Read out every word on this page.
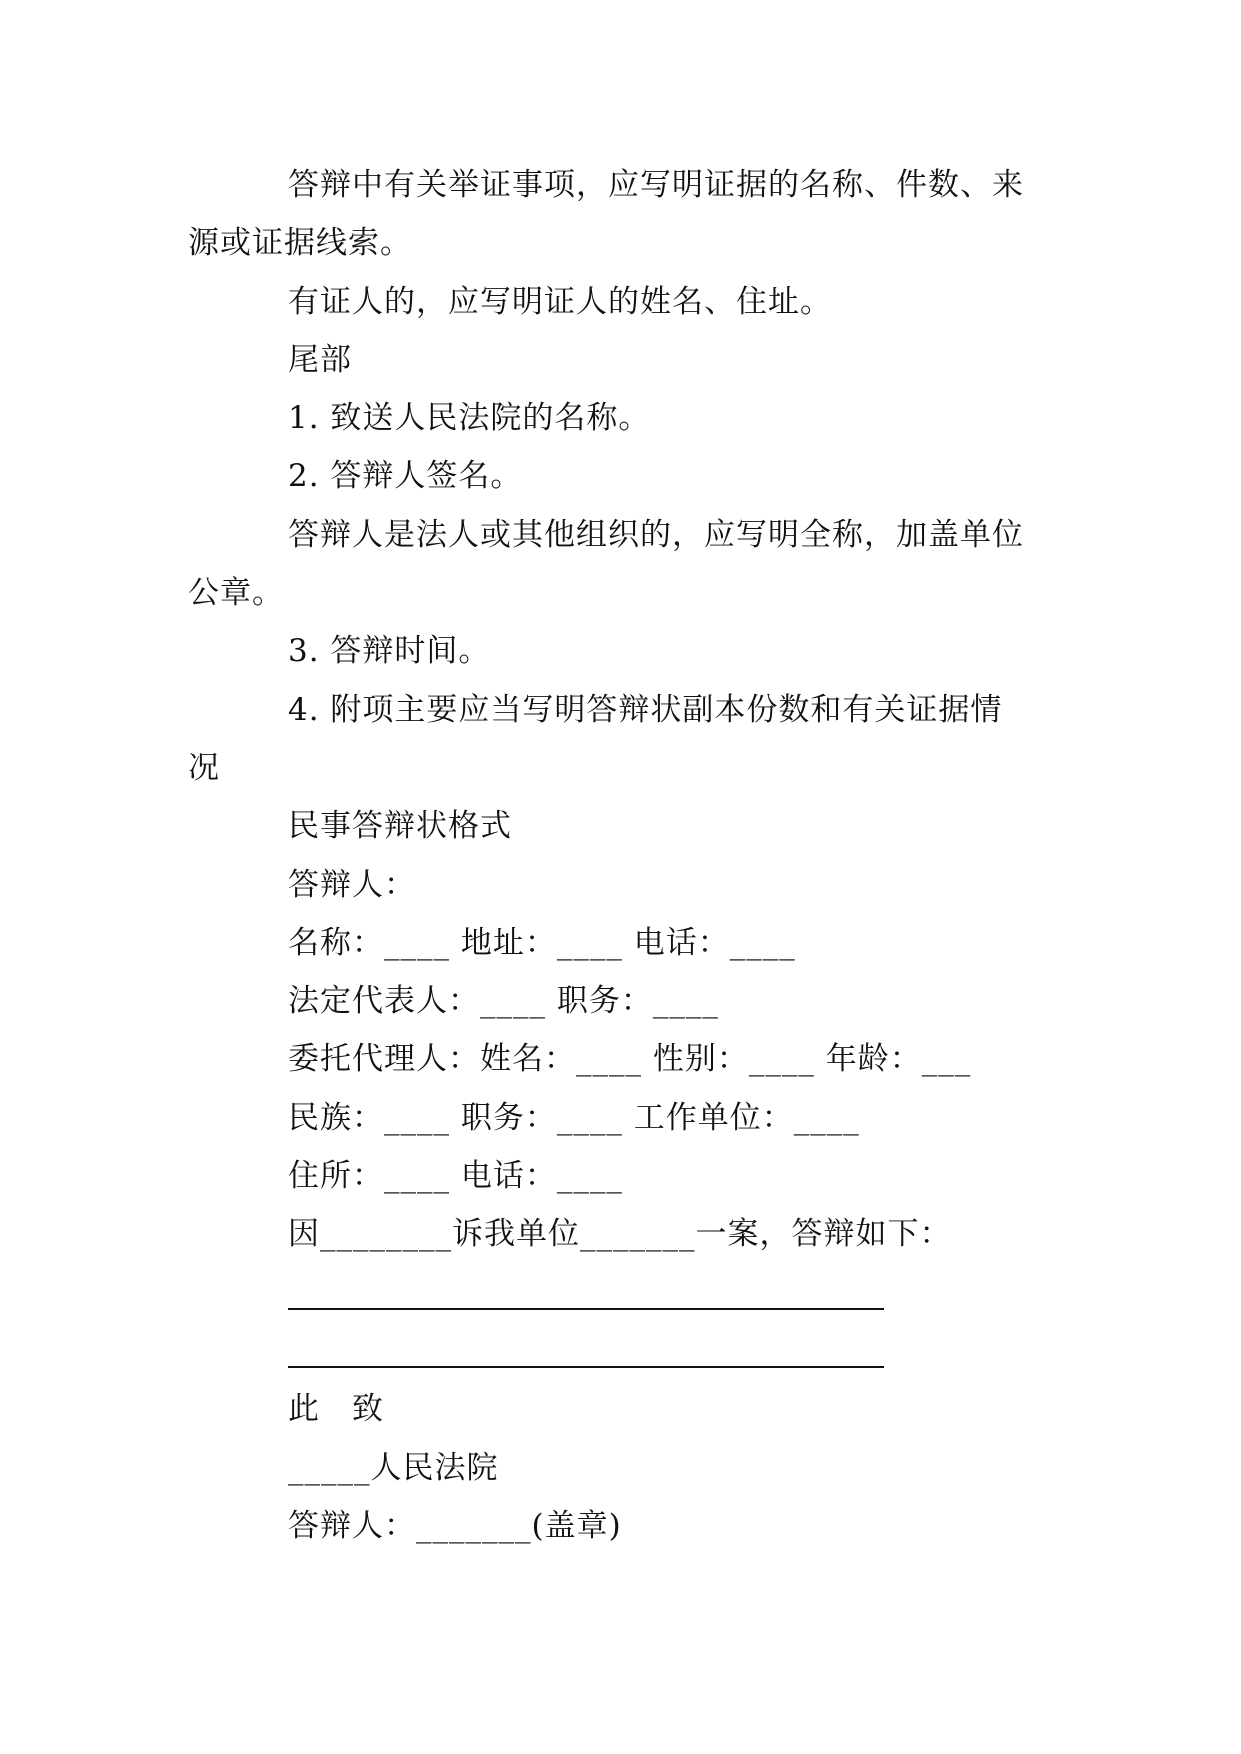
答辩中有关举证事项，应写明证据的名称、件数、来
源或证据线索。
有证人的，应写明证人的姓名、住址。
尾部
1. 致送人民法院的名称。
2. 答辩人签名。
答辩人是法人或其他组织的，应写明全称，加盖单位
公章。
3. 答辩时间。
4. 附项主要应当写明答辩状副本份数和有关证据情
况
民事答辩状格式
答辩人：
名称：____ 地址：____ 电话：____
法定代表人：____ 职务：____
委托代理人：姓名：____ 性别：____ 年龄：___
民族：____ 职务：____ 工作单位：____
住所：____ 电话：____
因________诉我单位_______一案，答辩如下：
此　致
_____人民法院
答辩人：_______(盖章)
